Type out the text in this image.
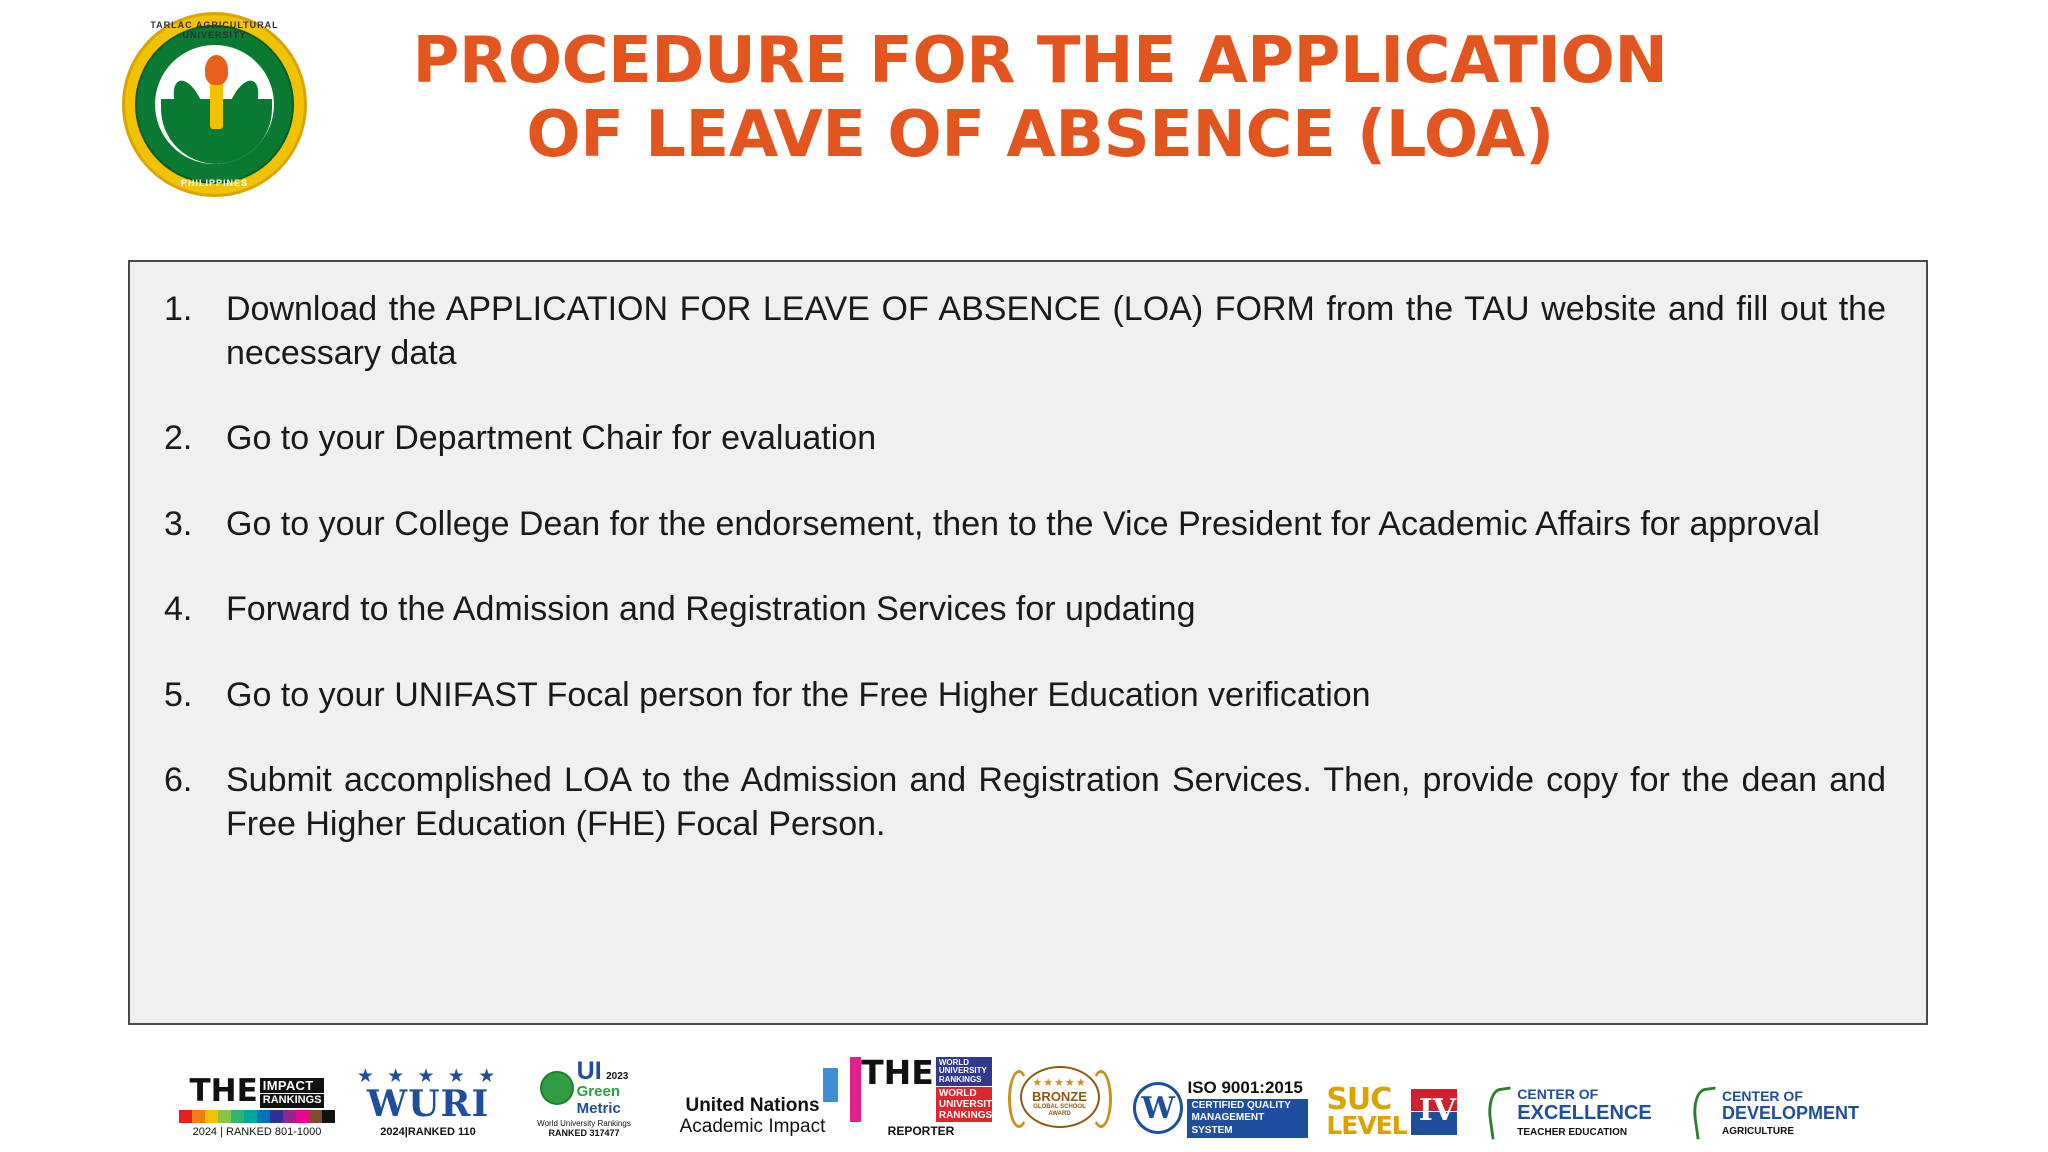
TARLAC AGRICULTURAL UNIVERSITY
PHILIPPINES
PROCEDURE FOR THE APPLICATION
OF LEAVE OF ABSENCE (LOA)
1. Download the APPLICATION FOR LEAVE OF ABSENCE (LOA) FORM from the TAU website and fill out the necessary data
2. Go to your Department Chair for evaluation
3. Go to your College Dean for the endorsement, then to the Vice President for Academic Affairs for approval
4. Forward to the Admission and Registration Services for updating
5. Go to your UNIFAST Focal person for the Free Higher Education verification
6. Submit accomplished LOA to the Admission and Registration Services. Then, provide copy for the dean and Free Higher Education (FHE) Focal Person.
THE IMPACT
RANKINGS
2024 | RANKED 801-1000
★ ★ ★ ★ ★
WURI
2024|RANKED 110
UI 2023
Green
Metric
World University Rankings
RANKED 317477
United Nations
Academic Impact
THE WORLD UNIVERSITY RANKINGS
WORLD UNIVERSITY RANKINGS
REPORTER
★★★★★
BRONZE
GLOBAL SCHOOL AWARD	W
ISO 9001:2015
CERTIFIED QUALITY
MANAGEMENT SYSTEM
SUC
LEVEL IV	CENTER OF
EXCELLENCE
TEACHER EDUCATION
CENTER OF
DEVELOPMENT
AGRICULTURE
